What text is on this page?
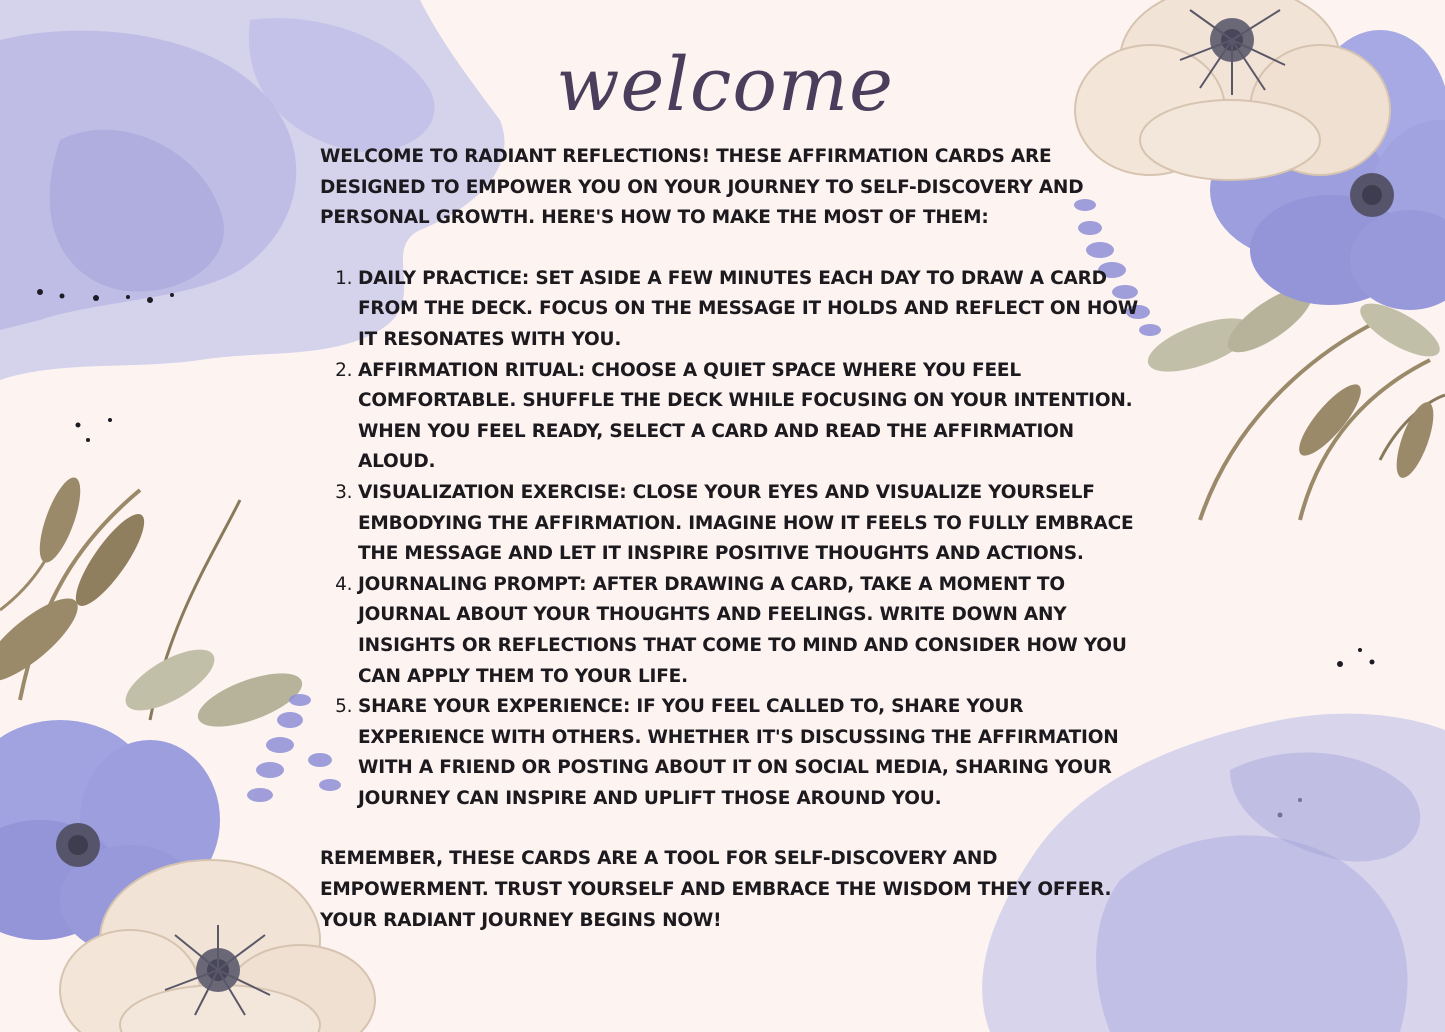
welcome

WELCOME TO RADIANT REFLECTIONS! THESE AFFIRMATION CARDS ARE DESIGNED TO EMPOWER YOU ON YOUR JOURNEY TO SELF-DISCOVERY AND PERSONAL GROWTH. HERE'S HOW TO MAKE THE MOST OF THEM:

1. DAILY PRACTICE: SET ASIDE A FEW MINUTES EACH DAY TO DRAW A CARD FROM THE DECK. FOCUS ON THE MESSAGE IT HOLDS AND REFLECT ON HOW IT RESONATES WITH YOU.
2. AFFIRMATION RITUAL: CHOOSE A QUIET SPACE WHERE YOU FEEL COMFORTABLE. SHUFFLE THE DECK WHILE FOCUSING ON YOUR INTENTION. WHEN YOU FEEL READY, SELECT A CARD AND READ THE AFFIRMATION ALOUD.
3. VISUALIZATION EXERCISE: CLOSE YOUR EYES AND VISUALIZE YOURSELF EMBODYING THE AFFIRMATION. IMAGINE HOW IT FEELS TO FULLY EMBRACE THE MESSAGE AND LET IT INSPIRE POSITIVE THOUGHTS AND ACTIONS.
4. JOURNALING PROMPT: AFTER DRAWING A CARD, TAKE A MOMENT TO JOURNAL ABOUT YOUR THOUGHTS AND FEELINGS. WRITE DOWN ANY INSIGHTS OR REFLECTIONS THAT COME TO MIND AND CONSIDER HOW YOU CAN APPLY THEM TO YOUR LIFE.
5. SHARE YOUR EXPERIENCE: IF YOU FEEL CALLED TO, SHARE YOUR EXPERIENCE WITH OTHERS. WHETHER IT'S DISCUSSING THE AFFIRMATION WITH A FRIEND OR POSTING ABOUT IT ON SOCIAL MEDIA, SHARING YOUR JOURNEY CAN INSPIRE AND UPLIFT THOSE AROUND YOU.

REMEMBER, THESE CARDS ARE A TOOL FOR SELF-DISCOVERY AND EMPOWERMENT. TRUST YOURSELF AND EMBRACE THE WISDOM THEY OFFER. YOUR RADIANT JOURNEY BEGINS NOW!
